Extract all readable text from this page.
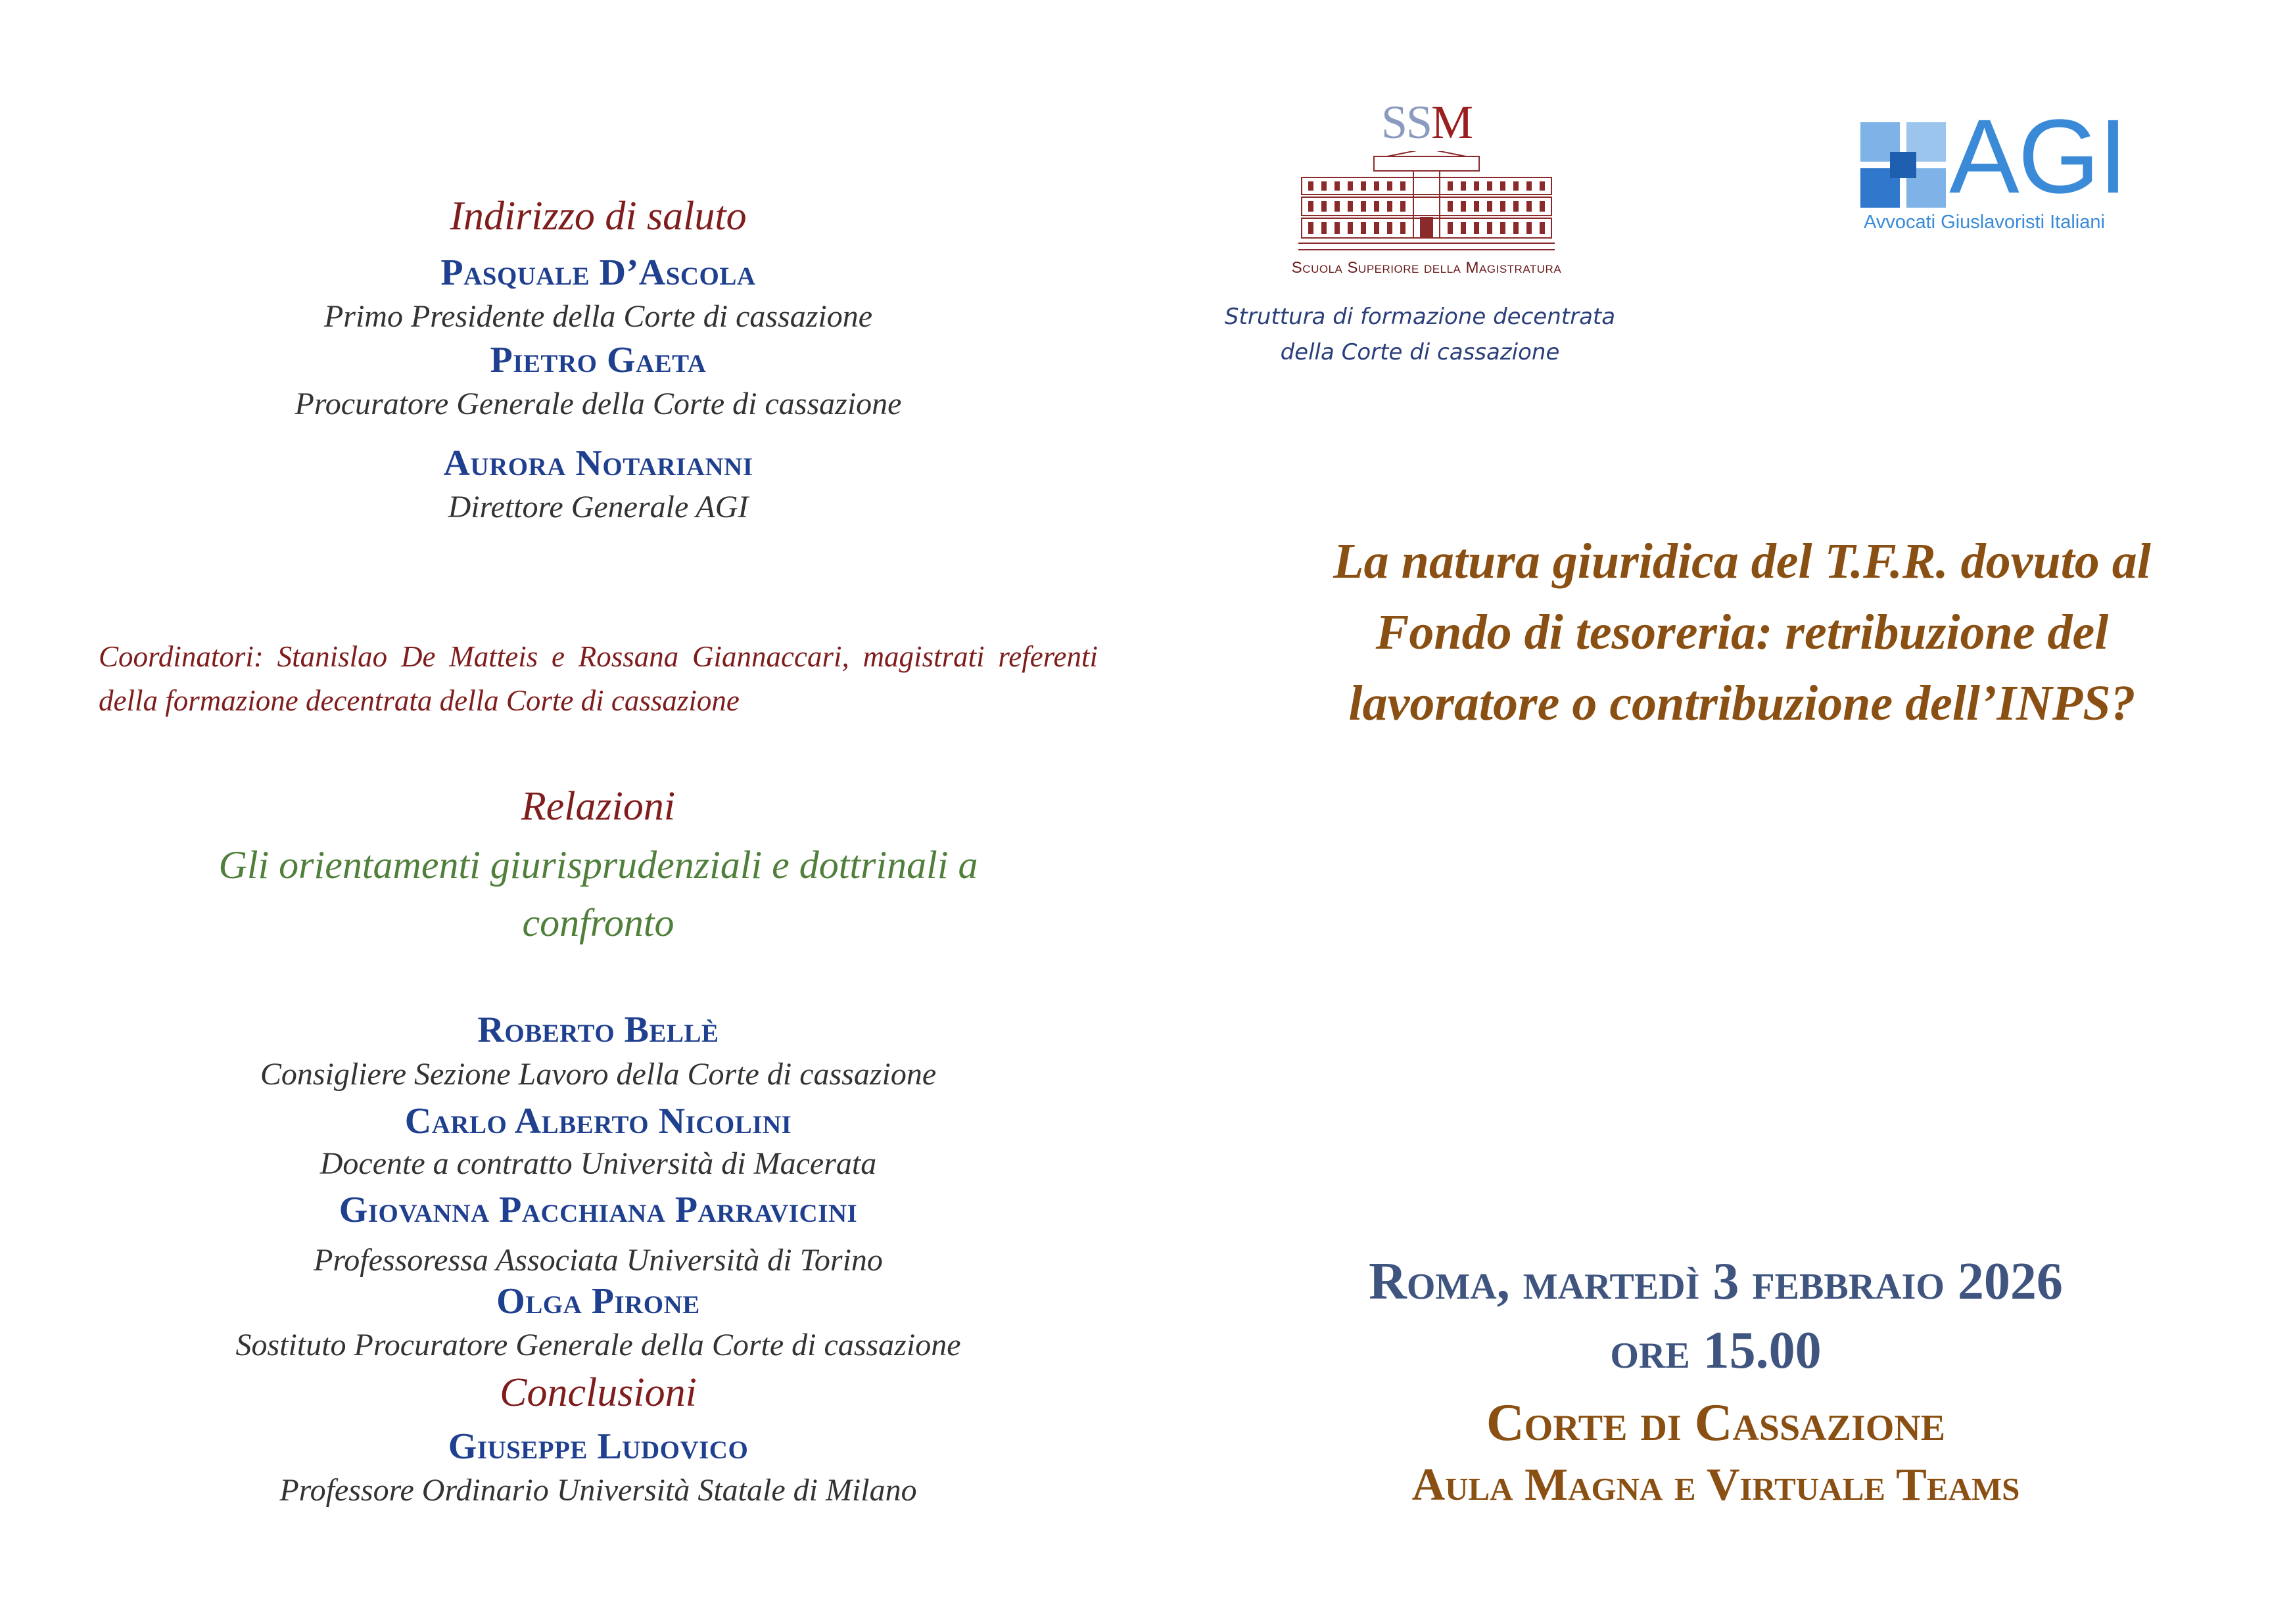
Indirizzo di saluto
Pasquale D’Ascola
Primo Presidente della Corte di cassazione
Pietro Gaeta
Procuratore Generale della Corte di cassazione
Aurora Notarianni
Direttore Generale AGI
Coordinatori: Stanislao De Matteis e Rossana Giannaccari, magistrati referenti della formazione decentrata della Corte di cassazione
Relazioni
Gli orientamenti giurisprudenziali e dottrinali a confronto
Roberto Bellè
Consigliere Sezione Lavoro della Corte di cassazione
Carlo Alberto Nicolini
Docente a contratto Università di Macerata
Giovanna Pacchiana Parravicini
Professoressa Associata Università di Torino
Olga Pirone
Sostituto Procuratore Generale della Corte di cassazione
Conclusioni
Giuseppe Ludovico
Professore Ordinario Università Statale di Milano
SSM
Scuola Superiore della Magistratura
Struttura di formazione decentrata
della Corte di cassazione
AGI
Avvocati Giuslavoristi Italiani
La natura giuridica del T.F.R. dovuto al
Fondo di tesoreria: retribuzione del
lavoratore o contribuzione dell’INPS?
Roma, martedì 3 febbraio 2026
ore 15.00
Corte di Cassazione
Aula Magna e Virtuale Teams
